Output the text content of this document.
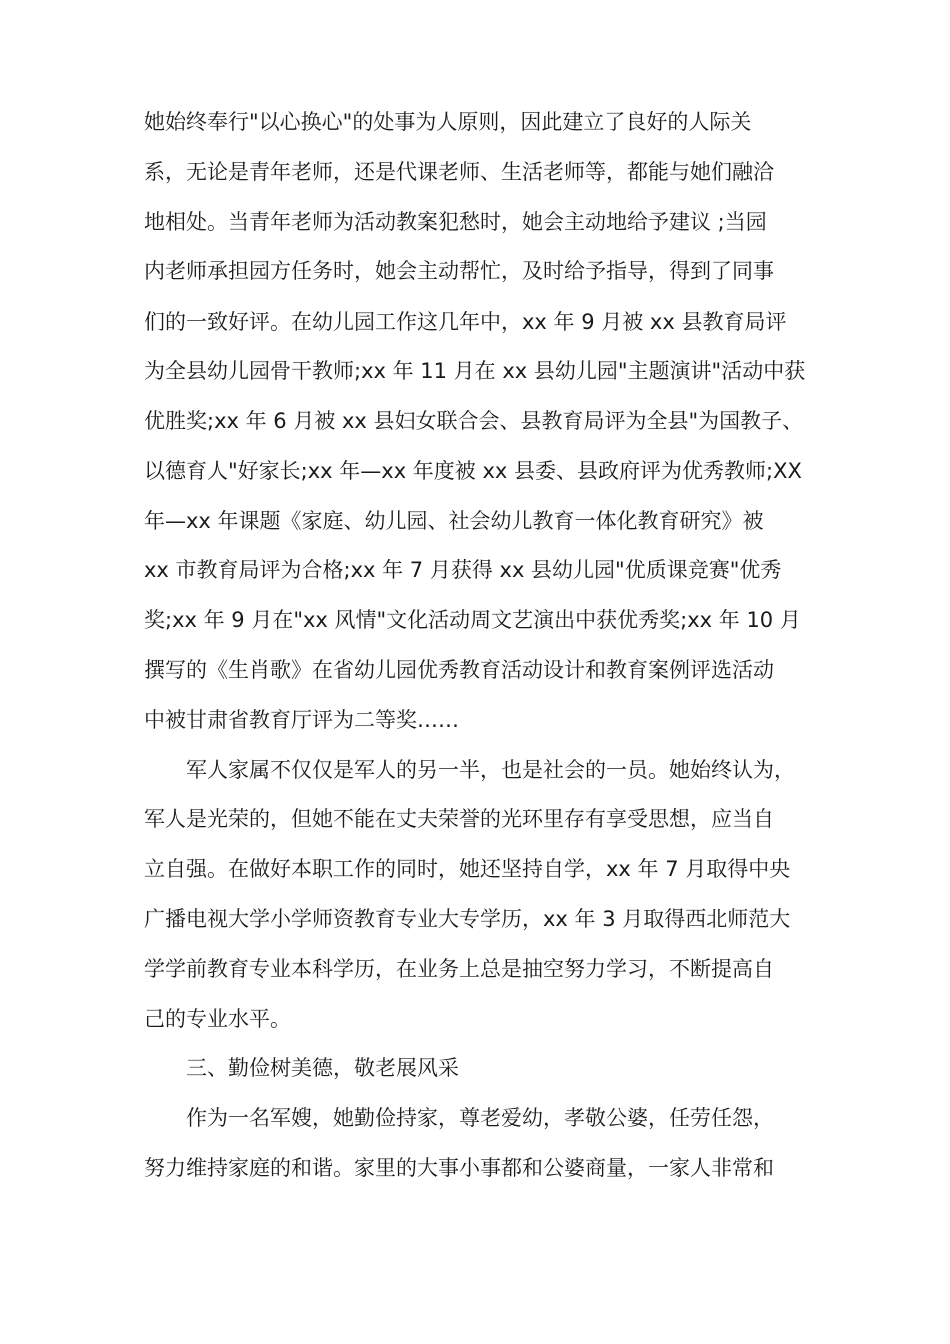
她始终奉行"以心换心"的处事为人原则，因此建立了良好的人际关
系，无论是青年老师，还是代课老师、生活老师等，都能与她们融洽
地相处。当青年老师为活动教案犯愁时，她会主动地给予建议 ;当园
内老师承担园方任务时，她会主动帮忙，及时给予指导，得到了同事
们的一致好评。在幼儿园工作这几年中，xx 年 9 月被 xx 县教育局评
为全县幼儿园骨干教师;xx 年 11 月在 xx 县幼儿园"主题演讲"活动中获
优胜奖;xx 年 6 月被 xx 县妇女联合会、县教育局评为全县"为国教子、
以德育人"好家长;xx 年—xx 年度被 xx 县委、县政府评为优秀教师;XX
年—xx 年课题《家庭、幼儿园、社会幼儿教育一体化教育研究》被
xx 市教育局评为合格;xx 年 7 月获得 xx 县幼儿园"优质课竞赛"优秀
奖;xx 年 9 月在"xx 风情"文化活动周文艺演出中获优秀奖;xx 年 10 月
撰写的《生肖歌》在省幼儿园优秀教育活动设计和教育案例评选活动
中被甘肃省教育厅评为二等奖……
军人家属不仅仅是军人的另一半，也是社会的一员。她始终认为，
军人是光荣的，但她不能在丈夫荣誉的光环里存有享受思想，应当自
立自强。在做好本职工作的同时，她还坚持自学，xx 年 7 月取得中央
广播电视大学小学师资教育专业大专学历，xx 年 3 月取得西北师范大
学学前教育专业本科学历，在业务上总是抽空努力学习，不断提高自
己的专业水平。
三、勤俭树美德，敬老展风采
作为一名军嫂，她勤俭持家，尊老爱幼，孝敬公婆，任劳任怨，
努力维持家庭的和谐。家里的大事小事都和公婆商量，一家人非常和
